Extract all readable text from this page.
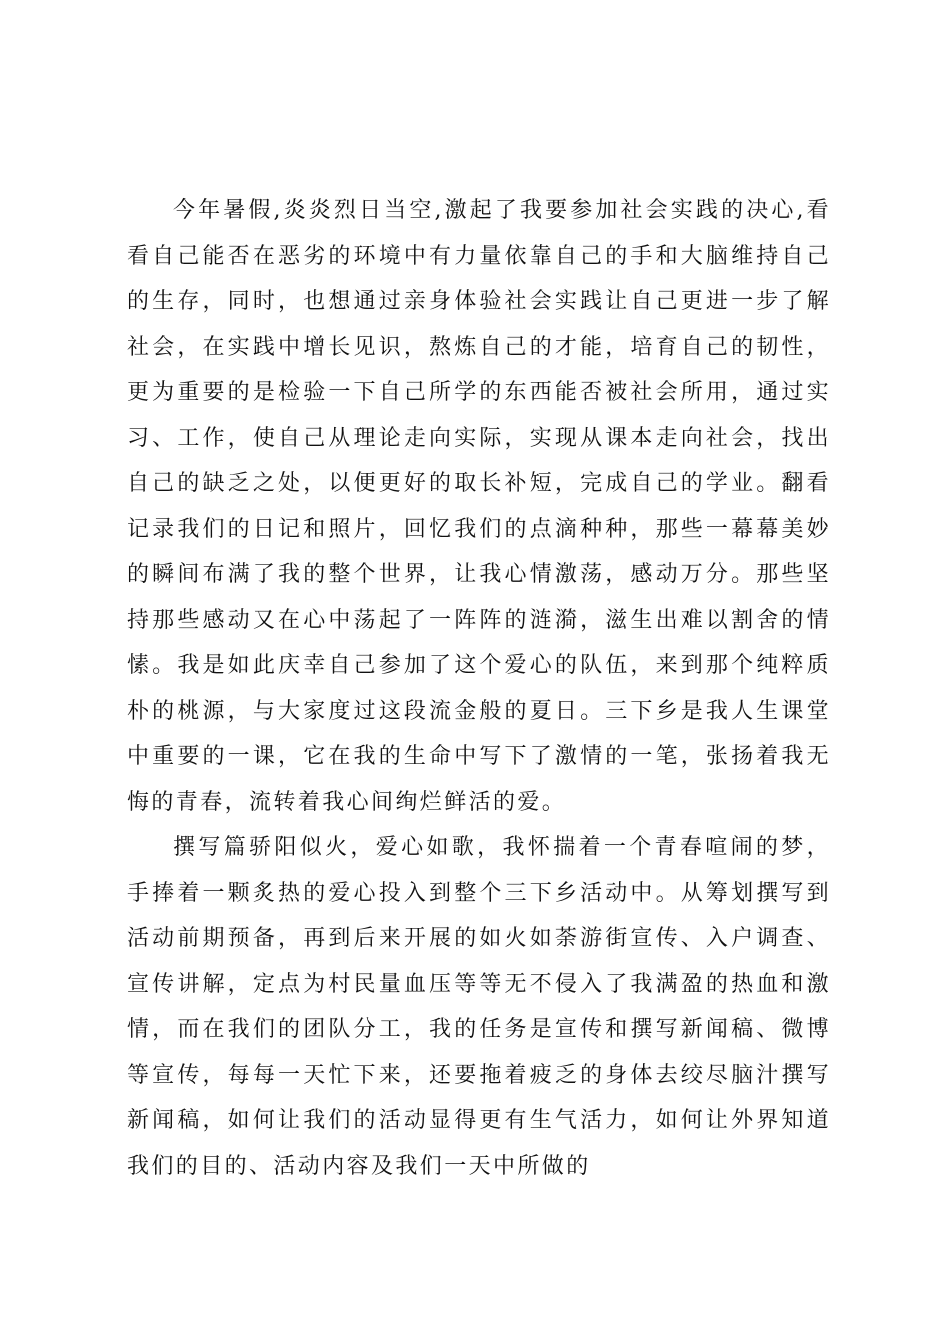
今年暑假,炎炎烈日当空,激起了我要参加社会实践的决心,看看自己能否在恶劣的环境中有力量依靠自己的手和大脑维持自己的生存，同时，也想通过亲身体验社会实践让自己更进一步了解社会，在实践中增长见识，熬炼自己的才能，培育自己的韧性，更为重要的是检验一下自己所学的东西能否被社会所用，通过实习、工作，使自己从理论走向实际，实现从课本走向社会，找出自己的缺乏之处，以便更好的取长补短，完成自己的学业。翻看记录我们的日记和照片，回忆我们的点滴种种，那些一幕幕美妙的瞬间布满了我的整个世界，让我心情激荡，感动万分。那些坚持那些感动又在心中荡起了一阵阵的涟漪，滋生出难以割舍的情愫。我是如此庆幸自己参加了这个爱心的队伍，来到那个纯粹质朴的桃源，与大家度过这段流金般的夏日。三下乡是我人生课堂中重要的一课，它在我的生命中写下了激情的一笔，张扬着我无悔的青春，流转着我心间绚烂鲜活的爱。

撰写篇骄阳似火，爱心如歌，我怀揣着一个青春喧闹的梦，手捧着一颗炙热的爱心投入到整个三下乡活动中。从筹划撰写到活动前期预备，再到后来开展的如火如荼游街宣传、入户调查、宣传讲解，定点为村民量血压等等无不侵入了我满盈的热血和激情，而在我们的团队分工，我的任务是宣传和撰写新闻稿、微博等宣传，每每一天忙下来，还要拖着疲乏的身体去绞尽脑汁撰写新闻稿，如何让我们的活动显得更有生气活力，如何让外界知道我们的目的、活动内容及我们一天中所做的
